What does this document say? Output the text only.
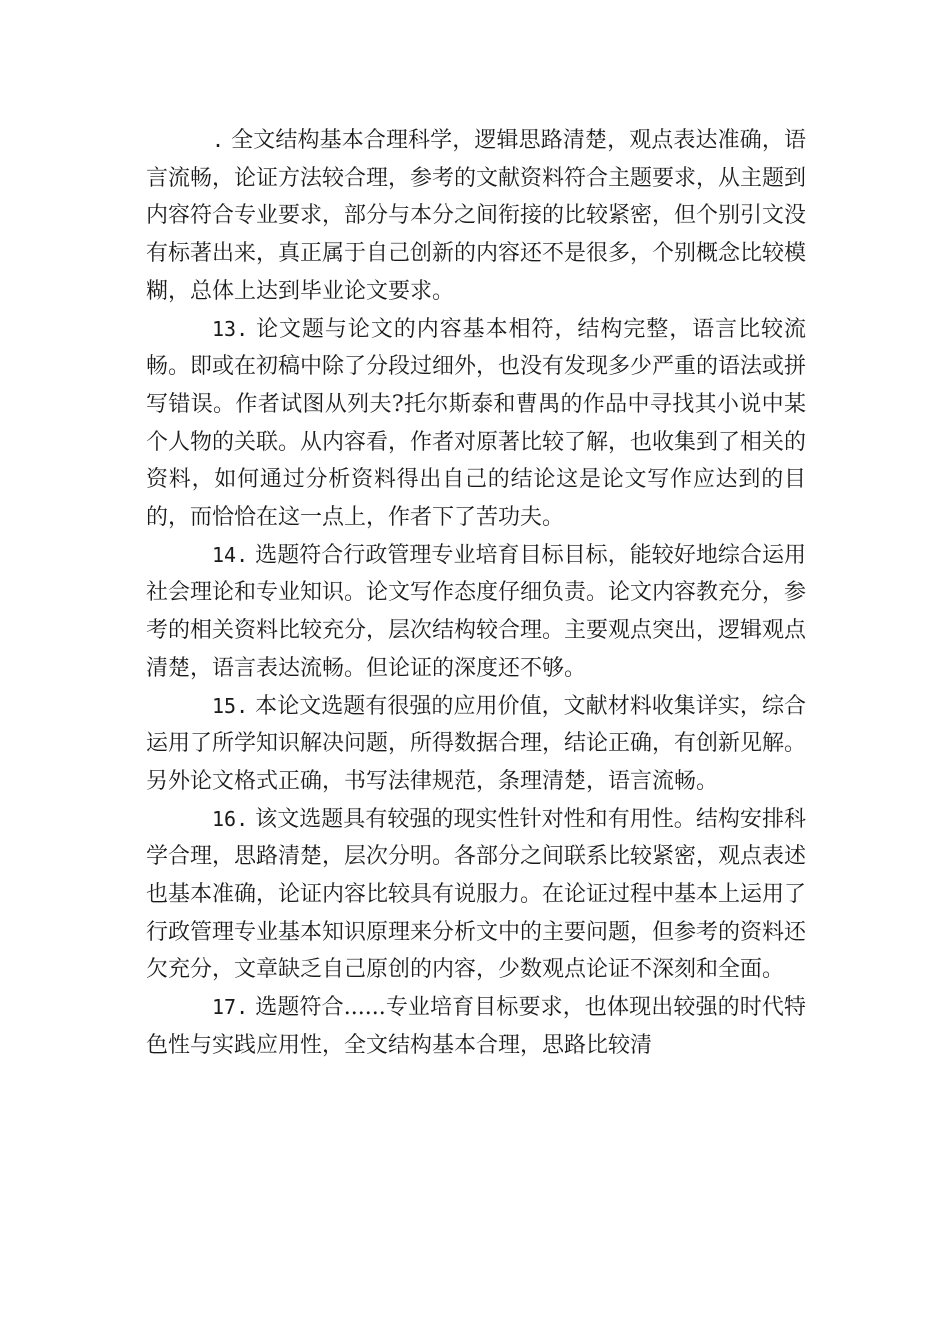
. 全文结构基本合理科学，逻辑思路清楚，观点表达准确，语言流畅，论证方法较合理，参考的文献资料符合主题要求，从主题到内容符合专业要求，部分与本分之间衔接的比较紧密，但个别引文没有标著出来，真正属于自己创新的内容还不是很多，个别概念比较模糊，总体上达到毕业论文要求。

13. 论文题与论文的内容基本相符，结构完整，语言比较流畅。即或在初稿中除了分段过细外，也没有发现多少严重的语法或拼写错误。作者试图从列夫?托尔斯泰和曹禺的作品中寻找其小说中某个人物的关联。从内容看，作者对原著比较了解，也收集到了相关的资料，如何通过分析资料得出自己的结论这是论文写作应达到的目的，而恰恰在这一点上，作者下了苦功夫。

14. 选题符合行政管理专业培育目标目标，能较好地综合运用社会理论和专业知识。论文写作态度仔细负责。论文内容教充分，参考的相关资料比较充分，层次结构较合理。主要观点突出，逻辑观点清楚，语言表达流畅。但论证的深度还不够。

15. 本论文选题有很强的应用价值，文献材料收集详实，综合运用了所学知识解决问题，所得数据合理，结论正确，有创新见解。另外论文格式正确，书写法律规范，条理清楚，语言流畅。

16. 该文选题具有较强的现实性针对性和有用性。结构安排科学合理，思路清楚，层次分明。各部分之间联系比较紧密，观点表述也基本准确，论证内容比较具有说服力。在论证过程中基本上运用了行政管理专业基本知识原理来分析文中的主要问题，但参考的资料还欠充分，文章缺乏自己原创的内容，少数观点论证不深刻和全面。

17. 选题符合......专业培育目标要求，也体现出较强的时代特色性与实践应用性，全文结构基本合理，思路比较清
